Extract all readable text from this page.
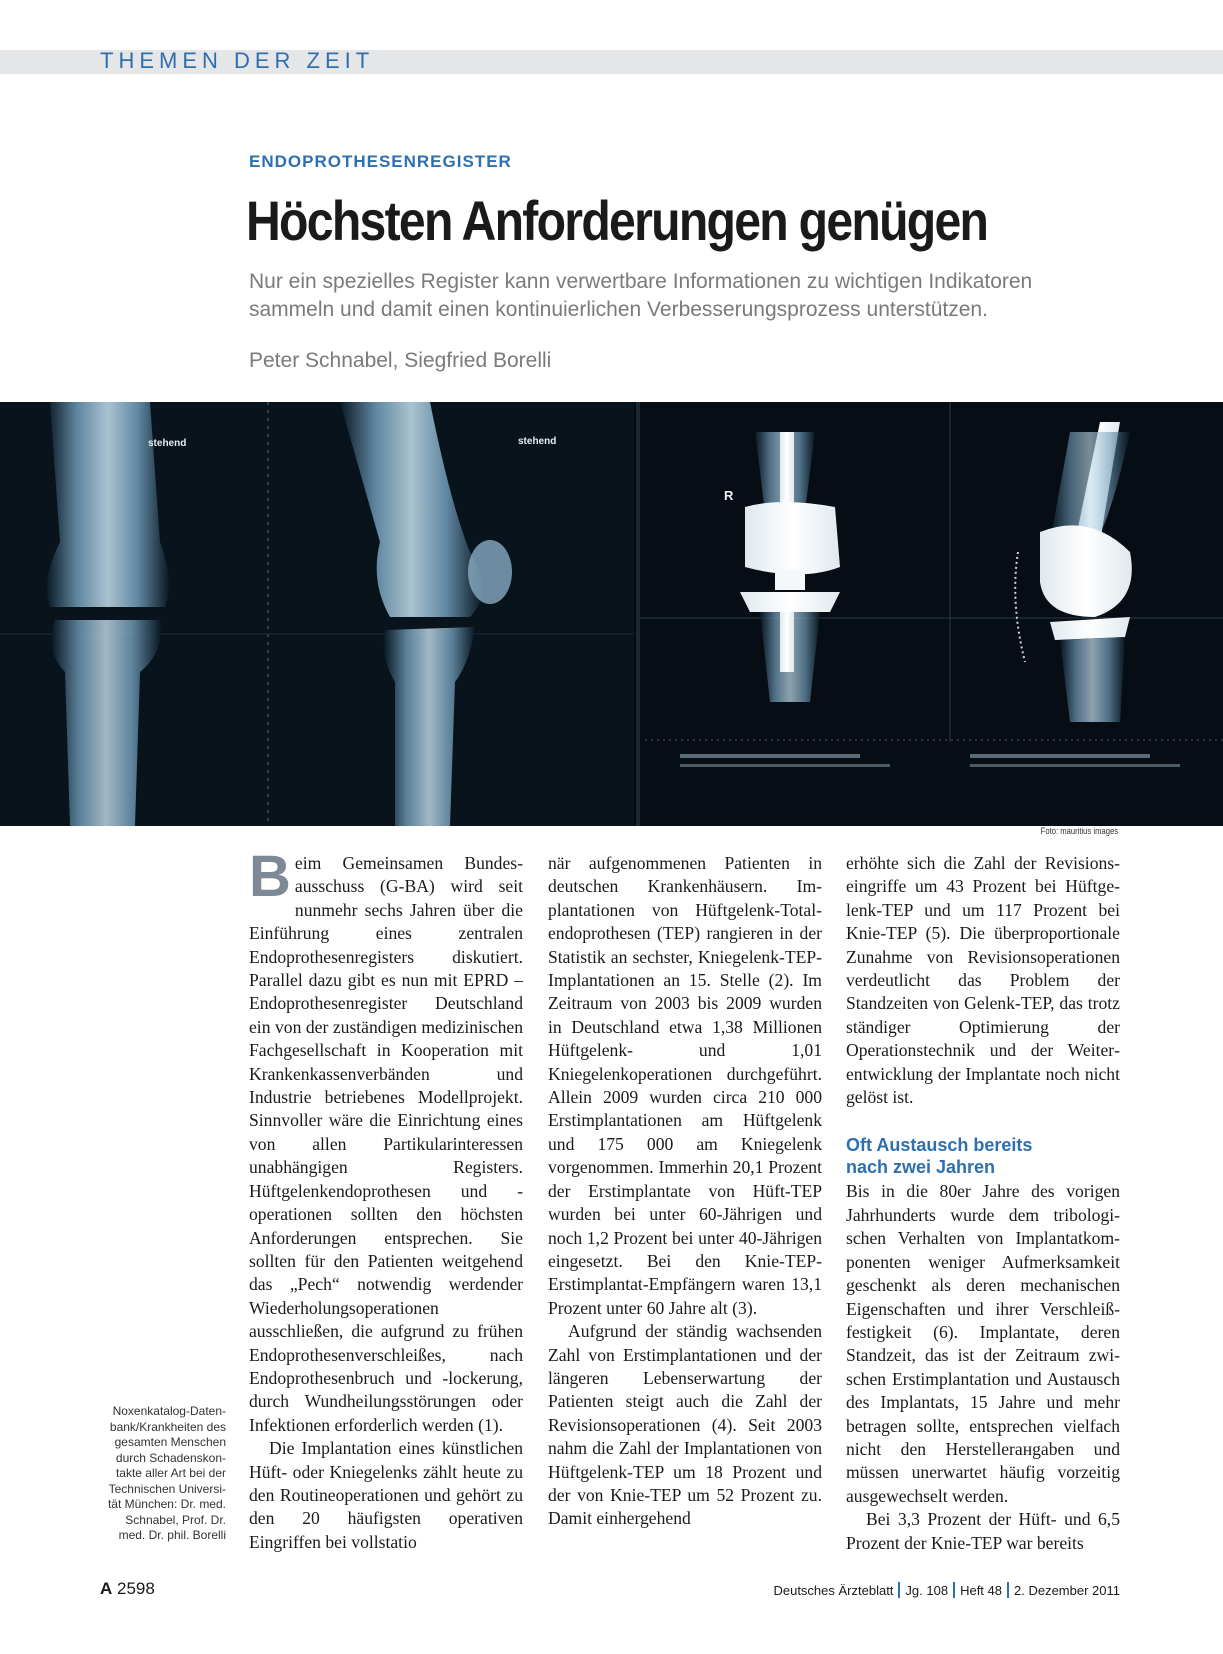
THEMEN DER ZEIT
ENDOPROTHESENREGISTER
Höchsten Anforderungen genügen
Nur ein spezielles Register kann verwertbare Informationen zu wichtigen Indikatoren
sammeln und damit einen kontinuierlichen Verbesserungsprozess unterstützen.
Peter Schnabel, Siegfried Borelli
stehend	stehend
R
Foto: mauritius images

Beim Gemeinsamen Bundesausschuss (G-BA) wird seit nunmehr sechs Jahren über die Einführung eines zentralen Endoprothesenregisters diskutiert. Parallel dazu gibt es nun mit EPRD – Endoprothesenregister Deutschland ein von der zuständigen medizinischen Fachgesellschaft in Kooperation mit Krankenkassenverbänden und Industrie betriebenes Modellprojekt. Sinnvoller wäre die Einrichtung eines von allen Partikularinteressen unabhängigen Registers. Hüftgelenkendoprothesen und -operationen sollten den höchsten Anforderungen entsprechen. Sie sollten für den Patienten weitgehend das „Pech“ notwendig werdender Wiederholungsoperationen ausschließen, die aufgrund zu frühen Endoprothesenverschleißes, nach Endoprothesenbruch und -lockerung, durch Wundheilungsstörungen oder Infektionen erforderlich werden (1).

Die Implantation eines künstlichen Hüft- oder Kniegelenks zählt heute zu den Routineoperationen und gehört zu den 20 häufigsten operativen Eingriffen bei vollstatio

när aufgenommenen Patienten in deutschen Krankenhäusern. Implantationen von Hüftgelenk-Totalendoprothesen (TEP) rangieren in der Statistik an sechster, Kniegelenk-TEP-Implantationen an 15. Stelle (2). Im Zeitraum von 2003 bis 2009 wurden in Deutschland etwa 1,38 Millionen Hüftgelenk- und 1,01 Kniegelenkoperationen durchgeführt. Allein 2009 wurden circa 210 000 Erstimplantationen am Hüftgelenk und 175 000 am Kniegelenk vorgenommen. Immerhin 20,1 Prozent der Erstimplantate von Hüft-TEP wurden bei unter 60-Jährigen und noch 1,2 Prozent bei unter 40-Jährigen eingesetzt. Bei den Knie-TEP-Erstimplantat-Empfängern waren 13,1 Prozent unter 60 Jahre alt (3).

Aufgrund der ständig wachsenden Zahl von Erstimplantationen und der längeren Lebenserwartung der Patienten steigt auch die Zahl der Revisionsoperationen (4). Seit 2003 nahm die Zahl der Implantationen von Hüftgelenk-TEP um 18 Prozent und der von Knie-TEP um 52 Prozent zu. Damit einhergehend

erhöhte sich die Zahl der Revisionseingriffe um 43 Prozent bei Hüftgelenk-TEP und um 117 Prozent bei Knie-TEP (5). Die überproportionale Zunahme von Revisionsoperationen verdeutlicht das Problem der Standzeiten von Gelenk-TEP, das trotz ständiger Optimierung der Operationstechnik und der Weiterentwicklung der Implantate noch nicht gelöst ist.

Oft Austausch bereits
nach zwei Jahren

Bis in die 80er Jahre des vorigen Jahrhunderts wurde dem tribologischen Verhalten von Implantatkomponenten weniger Aufmerksamkeit geschenkt als deren mechanischen Eigenschaften und ihrer Verschleißfestigkeit (6). Implantate, deren Standzeit, das ist der Zeitraum zwischen Erstimplantation und Austausch des Implantats, 15 Jahre und mehr betragen sollte, entsprechen vielfach nicht den Herstellerанgaben und müssen unerwartet häufig vorzeitig ausgewechselt werden.

Bei 3,3 Prozent der Hüft- und 6,5 Prozent der Knie-TEP war bereits

Noxenkatalog-Daten-
bank/Krankheiten des
gesamten Menschen
durch Schadenskon-
takte aller Art bei der
Technischen Universi-
tät München: Dr. med.
Schnabel, Prof. Dr.
med. Dr. phil. Borelli
A 2598	Deutsches Ärzteblatt Jg. 108 Heft 48 2. Dezember 2011
